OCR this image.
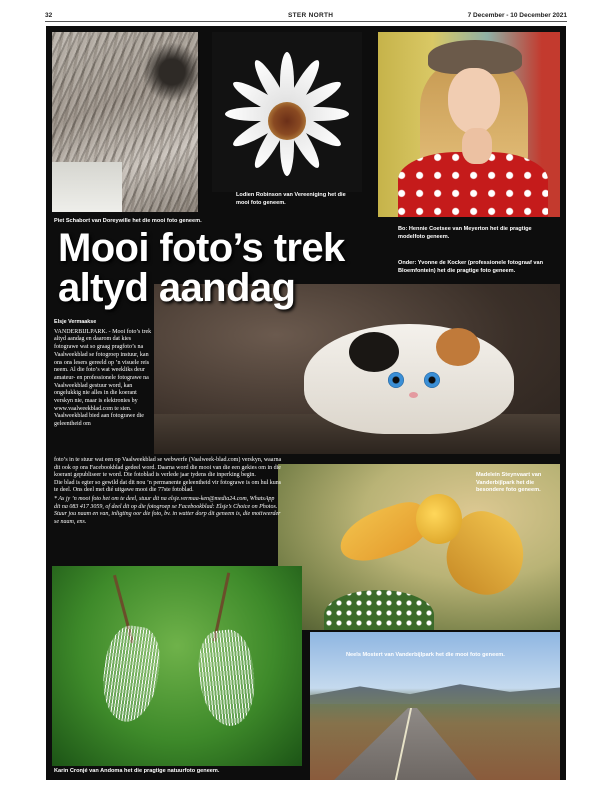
32	STER NORTH	7 December - 10 December 2021
Mooi foto’s trek
altyd aandag
Elsje Vermaakse

VANDERBIJLPARK. - Mooi foto’s trek altyd aandag en daarom dat kies fotograwe wat so graag pragfoto’s na Vaalweekblad se fotogroep instuur, kan ons ons lesers gereeld op ’n visuele reis neem. Al die foto’s wat weekliks deur amateur- en professionele fotograwe na Vaalweekblad gestuur word, kan ongelukkig nie alles in die koerant verskyn nie, maar is elektronies by www.vaalweekblad.com te sien. Vaalweekblad bied aan fotograwe die geleentheid om

foto’s in te stuur wat een op Vaalweekblad se webwerfe (Vaalweek-blad.com) verskyn, waarna dit ook op ons Facebookblad gedeel word. Daarna word die mooi van die een gekies om in die koerant gepubliseer te word. Die fotoblad is verlede jaar tydens die inperking begin.

Die blad is egter so gewild dat dit nou ’n permanente geleentheid vir fotograwe is om hul kuns te deel. Ons deel met dié uitgawe mooi die 77ste fotoblad.

* As jy ’n mooi foto het om te deel, stuur dit na elsje.vermaa-ken@media24.com, WhatsApp dit na 083 417 3059, of deel dit op die fotogroep se Facebookblad: Elsje’s Choice on Photos. Stuur jou naam en van, inligting oor die foto, bv. in watter dorp dit geneem is, die motiveerder se naam, ens.

Piet Schabort van Doreywille het die mooi foto geneem.
Lodien Robinson van Vereeniging het die mooi foto geneem.
Bo: Hennie Coetsee van Meyerton het die pragtige modelfoto geneem.
Onder: Yvonne de Kocker (professionele fotograaf van Bloemfontein) het die pragtige foto geneem.
Madelein Steynvaart van Vanderbijlpark het die besondere foto geneem.
Neels Mostert van Vanderbijlpark het die mooi foto geneem.
Karin Cronjé van Andoma het die pragtige natuurfoto geneem.
